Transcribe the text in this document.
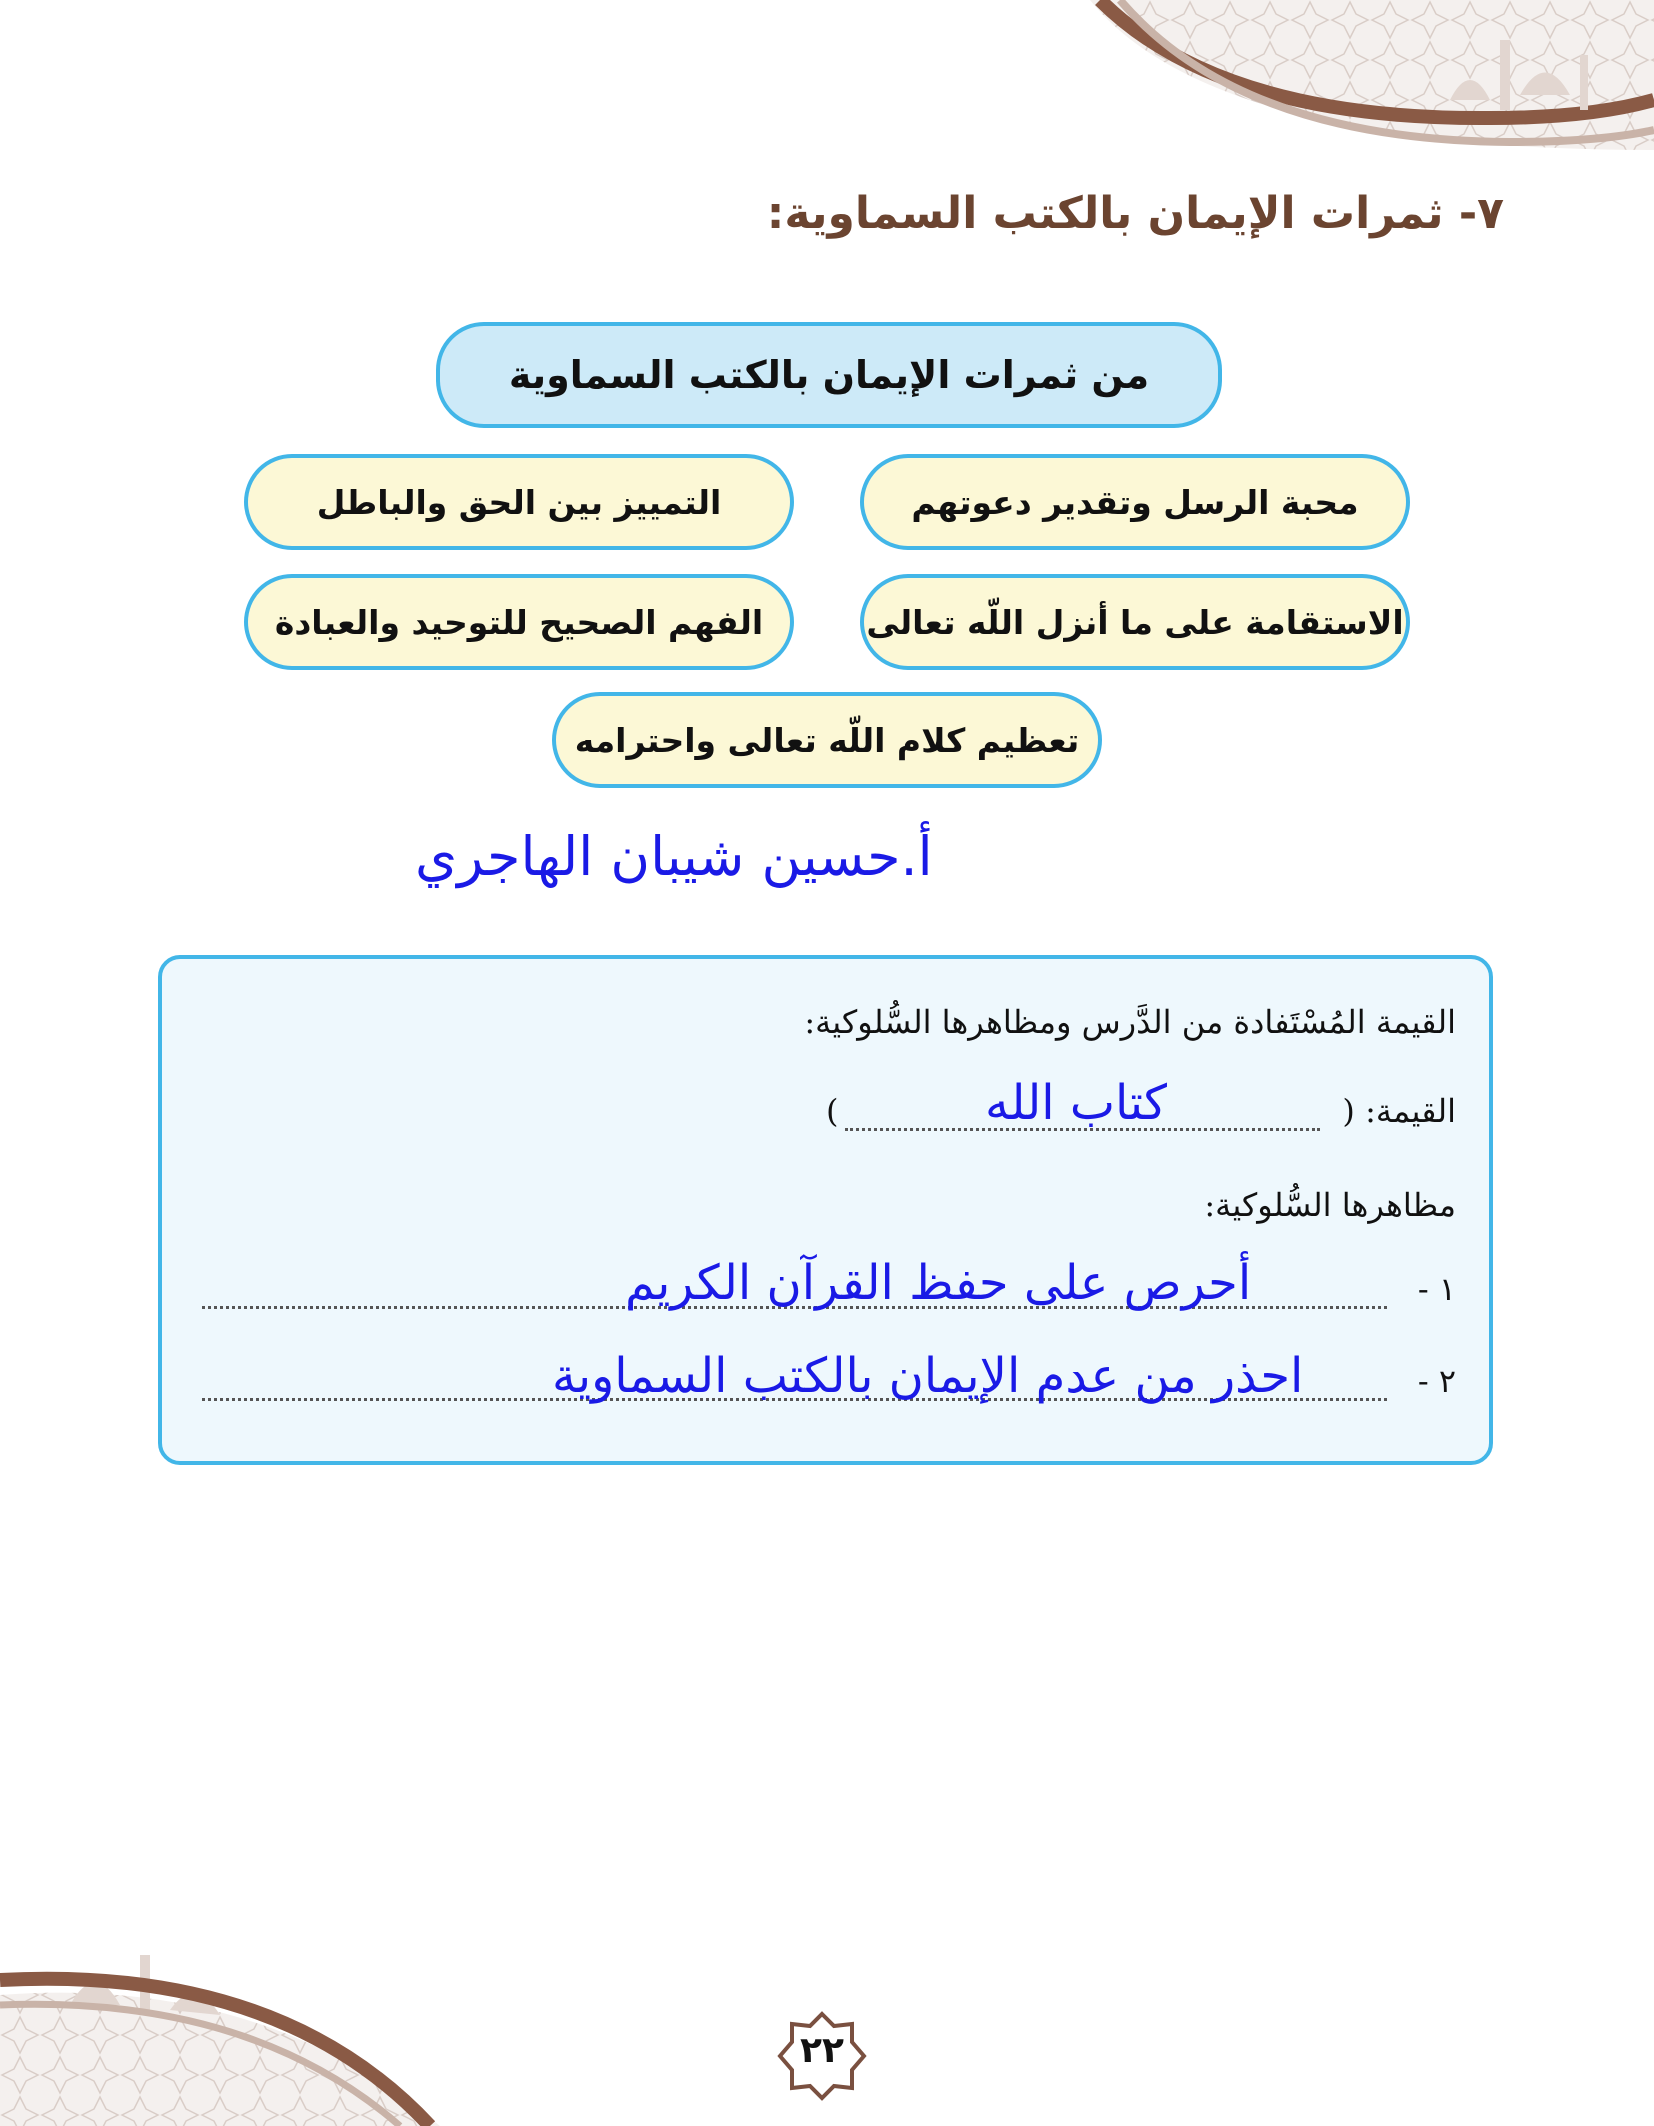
٧- ثمرات الإيمان بالكتب السماوية:
من ثمرات الإيمان بالكتب السماوية
محبة الرسل وتقدير دعوتهم
التمييز بين الحق والباطل
الاستقامة على ما أنزل اللّه تعالى
الفهم الصحيح للتوحيد والعبادة
تعظيم كلام اللّه تعالى واحترامه
أ.حسين شيبان الهاجري
القيمة المُسْتَفادة من الدَّرس ومظاهرها السُّلوكية:
القيمة: (
)	كتاب الله
مظاهرها السُّلوكية:
١ -
أحرص على حفظ القرآن الكريم
٢ -
احذر من عدم الإيمان بالكتب السماوية
٢٢
